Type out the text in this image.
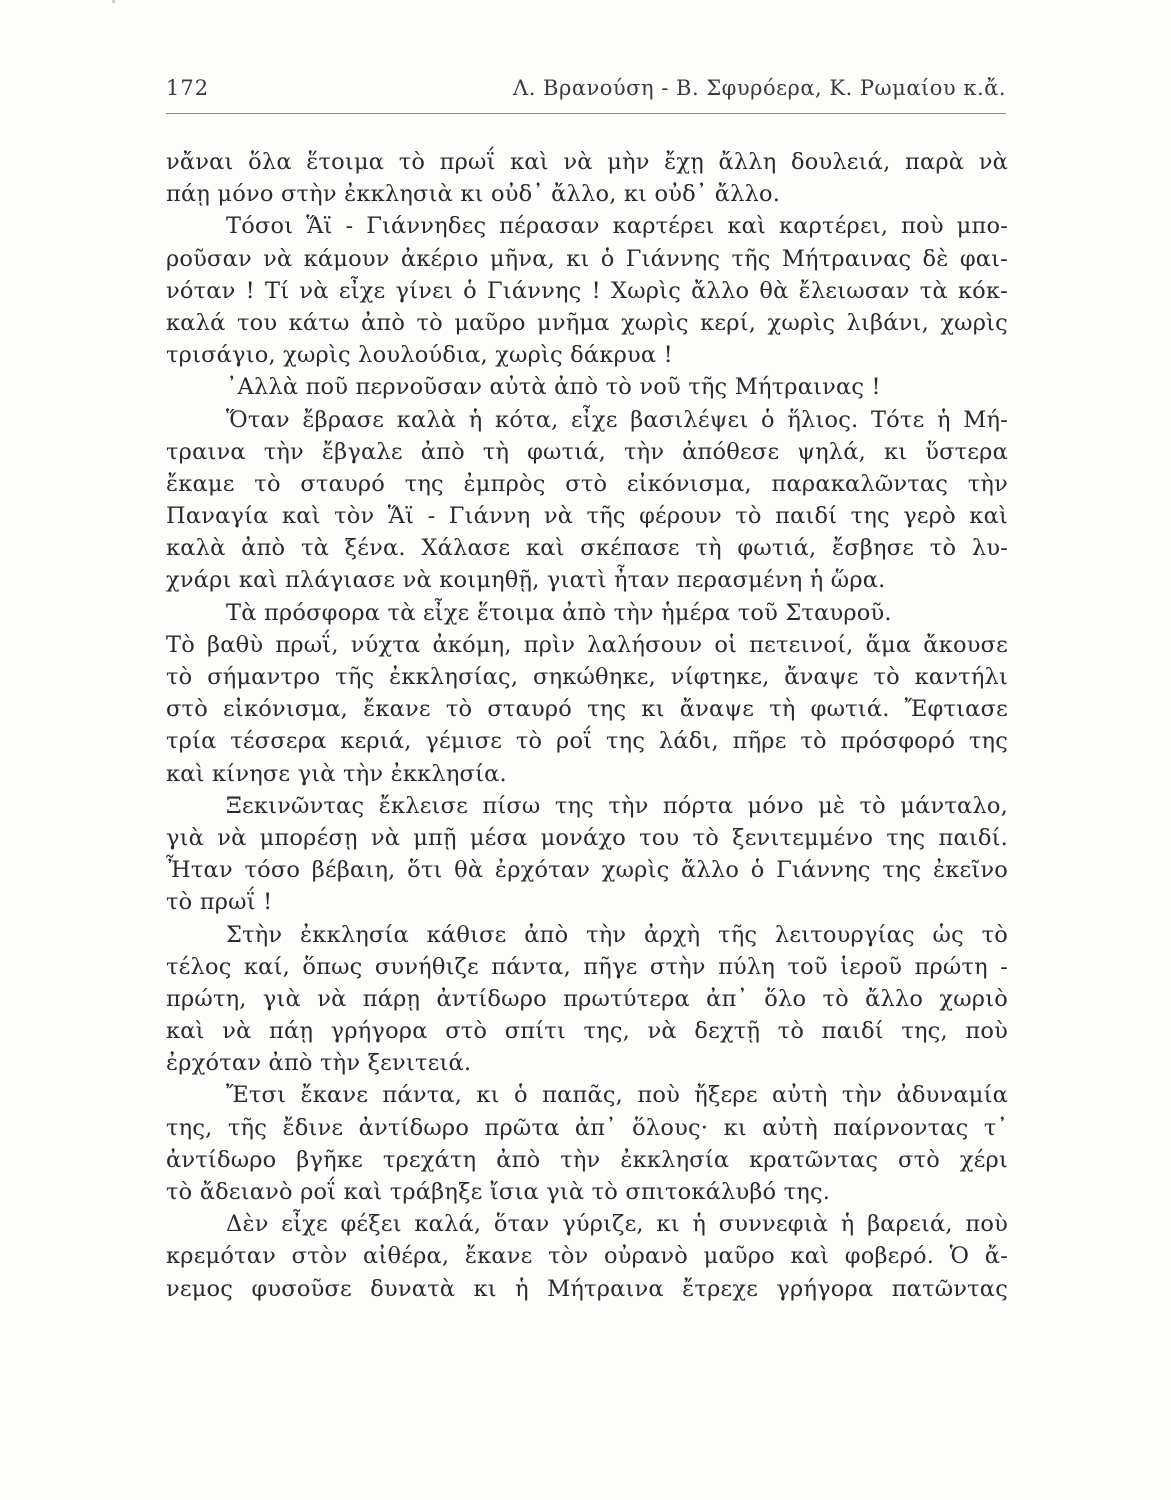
172	Λ. Βρανούση - Β. Σφυρόερα, Κ. Ρωμαίου κ.ἄ.
νἄναι ὅλα ἕτοιμα τὸ πρωΐ καὶ νὰ μὴν ἔχῃ ἄλλη δουλειά, παρὰ νὰ
πάῃ μόνο στὴν ἐκκλησιὰ κι οὐδ᾽ ἄλλο, κι οὐδ᾽ ἄλλο.
Τόσοι Ἅϊ - Γιάννηδες πέρασαν καρτέρει καὶ καρτέρει, ποὺ μπο-
ροῦσαν νὰ κάμουν ἀκέριο μῆνα, κι ὁ Γιάννης τῆς Μήτραινας δὲ φαι-
νόταν ! Τί νὰ εἶχε γίνει ὁ Γιάννης ! Χωρὶς ἄλλο θὰ ἔλειωσαν τὰ κόκ-
καλά του κάτω ἀπὸ τὸ μαῦρο μνῆμα χωρὶς κερί, χωρὶς λιβάνι, χωρὶς
τρισάγιο, χωρὶς λουλούδια, χωρὶς δάκρυα !
᾽Αλλὰ ποῦ περνοῦσαν αὐτὰ ἀπὸ τὸ νοῦ τῆς Μήτραινας !
Ὅταν ἔβρασε καλὰ ἡ κότα, εἶχε βασιλέψει ὁ ἥλιος. Τότε ἡ Μή-
τραινα τὴν ἔβγαλε ἀπὸ τὴ φωτιά, τὴν ἀπόθεσε ψηλά, κι ὕστερα
ἔκαμε τὸ σταυρό της ἐμπρὸς στὸ εἰκόνισμα, παρακαλῶντας τὴν
Παναγία καὶ τὸν Ἅϊ - Γιάννη νὰ τῆς φέρουν τὸ παιδί της γερὸ καὶ
καλὰ ἀπὸ τὰ ξένα. Χάλασε καὶ σκέπασε τὴ φωτιά, ἔσβησε τὸ λυ-
χνάρι καὶ πλάγιασε νὰ κοιμηθῇ, γιατὶ ἦταν περασμένη ἡ ὥρα.
Τὰ πρόσφορα τὰ εἶχε ἕτοιμα ἀπὸ τὴν ἡμέρα τοῦ Σταυροῦ.
Τὸ βαθὺ πρωΐ, νύχτα ἀκόμη, πρὶν λαλήσουν οἱ πετεινοί, ἅμα ἄκουσε
τὸ σήμαντρο τῆς ἐκκλησίας, σηκώθηκε, νίφτηκε, ἄναψε τὸ καντήλι
στὸ εἰκόνισμα, ἔκανε τὸ σταυρό της κι ἄναψε τὴ φωτιά. Ἔφτιασε
τρία τέσσερα κεριά, γέμισε τὸ ροΐ της λάδι, πῆρε τὸ πρόσφορό της
καὶ κίνησε γιὰ τὴν ἐκκλησία.
Ξεκινῶντας ἔκλεισε πίσω της τὴν πόρτα μόνο μὲ τὸ μάνταλο,
γιὰ νὰ μπορέσῃ νὰ μπῇ μέσα μονάχο του τὸ ξενιτεμμένο της παιδί.
Ἦταν τόσο βέβαιη, ὅτι θὰ ἐρχόταν χωρὶς ἄλλο ὁ Γιάννης της ἐκεῖνο
τὸ πρωΐ !
Στὴν ἐκκλησία κάθισε ἀπὸ τὴν ἀρχὴ τῆς λειτουργίας ὡς τὸ
τέλος καί, ὅπως συνήθιζε πάντα, πῆγε στὴν πύλη τοῦ ἱεροῦ πρώτη -
πρώτη, γιὰ νὰ πάρῃ ἀντίδωρο πρωτύτερα ἀπ᾽ ὅλο τὸ ἄλλο χωριὸ
καὶ νὰ πάῃ γρήγορα στὸ σπίτι της, νὰ δεχτῇ τὸ παιδί της, ποὺ
ἐρχόταν ἀπὸ τὴν ξενιτειά.
Ἔτσι ἔκανε πάντα, κι ὁ παπᾶς, ποὺ ἤξερε αὐτὴ τὴν ἀδυναμία
της, τῆς ἔδινε ἀντίδωρο πρῶτα ἀπ᾽ ὅλους· κι αὐτὴ παίρνοντας τ᾽
ἀντίδωρο βγῆκε τρεχάτη ἀπὸ τὴν ἐκκλησία κρατῶντας στὸ χέρι
τὸ ἄδειανὸ ροΐ καὶ τράβηξε ἴσια γιὰ τὸ σπιτοκάλυβό της.
Δὲν εἶχε φέξει καλά, ὅταν γύριζε, κι ἡ συννεφιὰ ἡ βαρειά, ποὺ
κρεμόταν στὸν αἰθέρα, ἔκανε τὸν οὐρανὸ μαῦρο καὶ φοβερό. Ὁ ἄ-
νεμος φυσοῦσε δυνατὰ κι ἡ Μήτραινα ἔτρεχε γρήγορα πατῶντας
